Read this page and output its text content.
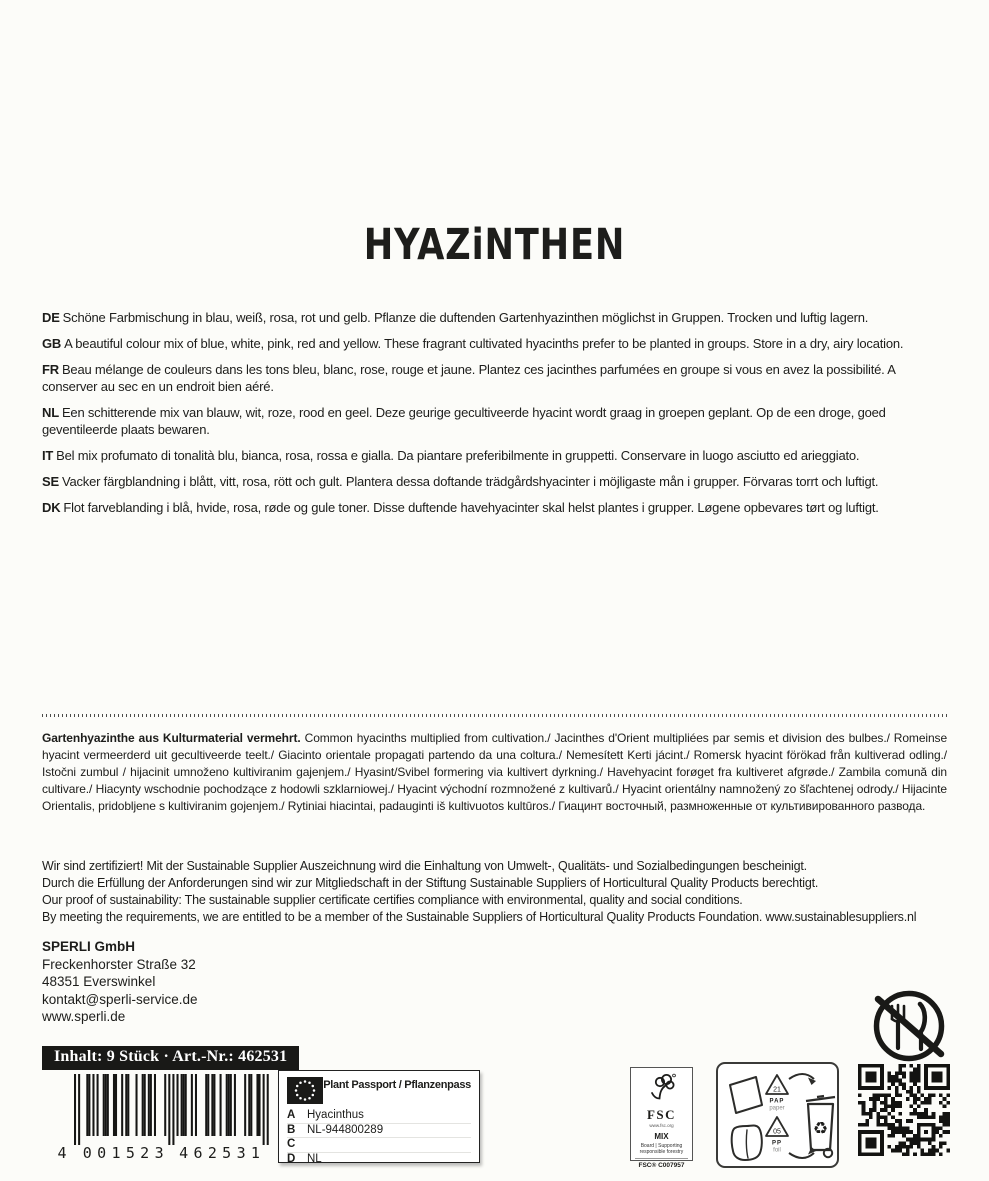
HYAZiNTHEN

DE Schöne Farbmischung in blau, weiß, rosa, rot und gelb. Pflanze die duftenden Gartenhyazinthen möglichst in Gruppen. Trocken und luftig lagern.

GB A beautiful colour mix of blue, white, pink, red and yellow. These fragrant cultivated hyacinths prefer to be planted in groups. Store in a dry, airy location.

FR Beau mélange de couleurs dans les tons bleu, blanc, rose, rouge et jaune. Plantez ces jacinthes parfumées en groupe si vous en avez la possibilité. A conserver au sec en un endroit bien aéré.

NL Een schitterende mix van blauw, wit, roze, rood en geel. Deze geurige gecultiveerde hyacint wordt graag in groepen geplant. Op de een droge, goed geventileerde plaats bewaren.

IT Bel mix profumato di tonalità blu, bianca, rosa, rossa e gialla. Da piantare preferibilmente in gruppetti. Conservare in luogo asciutto ed arieggiato.

SE Vacker färgblandning i blått, vitt, rosa, rött och gult. Plantera dessa doftande trädgårdshyacinter i möjligaste mån i grupper. Förvaras torrt och luftigt.

DK Flot farveblanding i blå, hvide, rosa, røde og gule toner. Disse duftende havehyacinter skal helst plantes i grupper. Løgene opbevares tørt og luftigt.

Gartenhyazinthe aus Kulturmaterial vermehrt. Common hyacinths multiplied from cultivation./ Jacinthes d'Orient multipliées par semis et division des bulbes./ Romeinse hyacint vermeerderd uit gecultiveerde teelt./ Giacinto orientale propagati partendo da una coltura./ Nemesített Kerti jácint./ Romersk hyacint förökad från kultiverad odling./ Istočni zumbul / hijacinit umnoženo kultiviranim gajenjem./ Hyasint/Svibel formering via kultivert dyrkning./ Havehyacint forøget fra kultiveret afgrøde./ Zambila comună din cultivare./ Hiacynty wschodnie pochodzące z hodowli szklarniowej./ Hyacint východní rozmnožené z kultivarů./ Hyacint orientálny namnožený zo šľachtenej odrody./ Hijacinte Orientalis, pridobljene s kultiviranim gojenjem./ Rytiniai hiacintai, padauginti iš kultivuotos kultūros./ Гиацинт восточный, размноженные от культивированного развода.

Wir sind zertifiziert! Mit der Sustainable Supplier Auszeichnung wird die Einhaltung von Umwelt-, Qualitäts- und Sozialbedingungen bescheinigt.
Durch die Erfüllung der Anforderungen sind wir zur Mitgliedschaft in der Stiftung Sustainable Suppliers of Horticultural Quality Products berechtigt.
Our proof of sustainability: The sustainable supplier certificate certifies compliance with environmental, quality and social conditions.
By meeting the requirements, we are entitled to be a member of the Sustainable Suppliers of Horticultural Quality Products Foundation. www.sustainablesuppliers.nl
SPERLI GmbH
Freckenhorster Straße 32
48351 Everswinkel
kontakt@sperli-service.de
www.sperli.de
Inhalt: 9 Stück · Art.-Nr.: 462531
4 0 0 1 5 2 3 4 6 2 5 3 1
Plant Passport / Pflanzenpass
A	Hyacinthus
B	NL-944800289
C
D	NL
FSC
www.fsc.org
MIX
Board | Supporting responsible forestry
FSC® C007957
21
PAP
paper
05
PP
foil
♻
